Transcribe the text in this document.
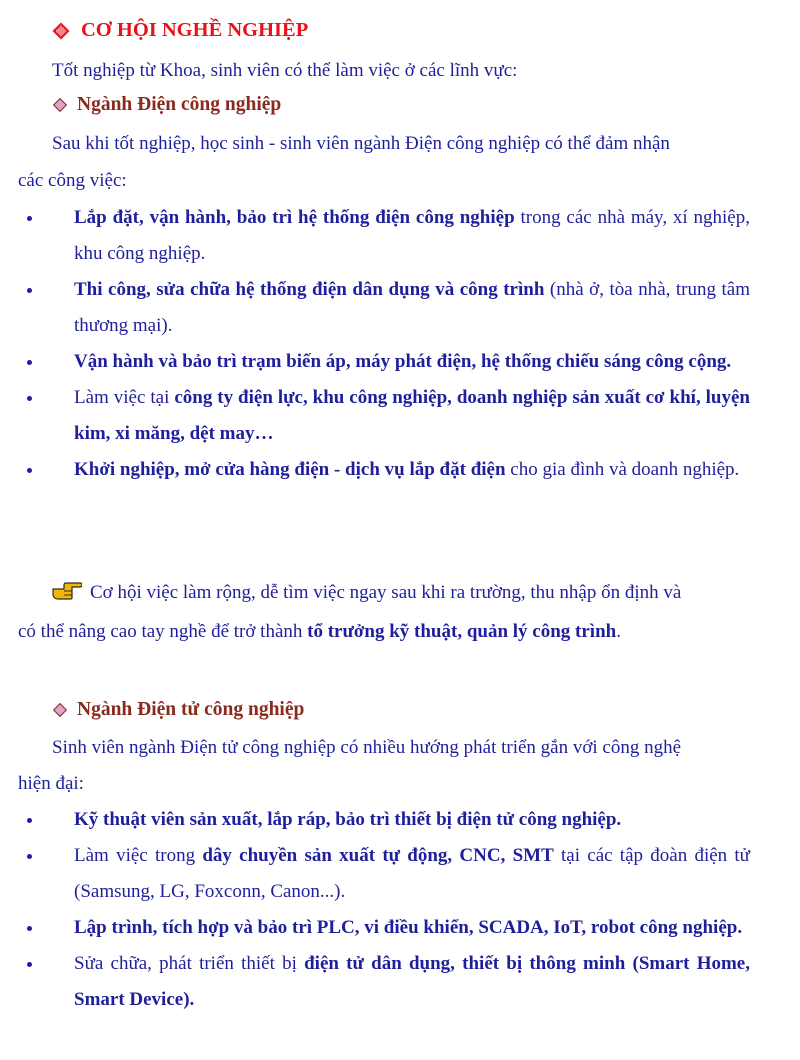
CƠ HỘI NGHỀ NGHIỆP
Tốt nghiệp từ Khoa, sinh viên có thể làm việc ở các lĩnh vực:
Ngành Điện công nghiệp
Sau khi tốt nghiệp, học sinh - sinh viên ngành Điện công nghiệp có thể đảm nhận
các công việc:
Lắp đặt, vận hành, bảo trì hệ thống điện công nghiệp trong các nhà máy, xí nghiệp, khu công nghiệp.
Thi công, sửa chữa hệ thống điện dân dụng và công trình (nhà ở, tòa nhà, trung tâm thương mại).
Vận hành và bảo trì trạm biến áp, máy phát điện, hệ thống chiếu sáng công cộng.
Làm việc tại công ty điện lực, khu công nghiệp, doanh nghiệp sản xuất cơ khí, luyện kim, xi măng, dệt may…
Khởi nghiệp, mở cửa hàng điện - dịch vụ lắp đặt điện cho gia đình và doanh nghiệp.
Cơ hội việc làm rộng, dễ tìm việc ngay sau khi ra trường, thu nhập ổn định và
có thể nâng cao tay nghề để trở thành tổ trưởng kỹ thuật, quản lý công trình.
Ngành Điện tử công nghiệp
Sinh viên ngành Điện tử công nghiệp có nhiều hướng phát triển gắn với công nghệ
hiện đại:
Kỹ thuật viên sản xuất, lắp ráp, bảo trì thiết bị điện tử công nghiệp.
Làm việc trong dây chuyền sản xuất tự động, CNC, SMT tại các tập đoàn điện tử (Samsung, LG, Foxconn, Canon...).
Lập trình, tích hợp và bảo trì PLC, vi điều khiển, SCADA, IoT, robot công nghiệp.
Sửa chữa, phát triển thiết bị điện tử dân dụng, thiết bị thông minh (Smart Home, Smart Device).
